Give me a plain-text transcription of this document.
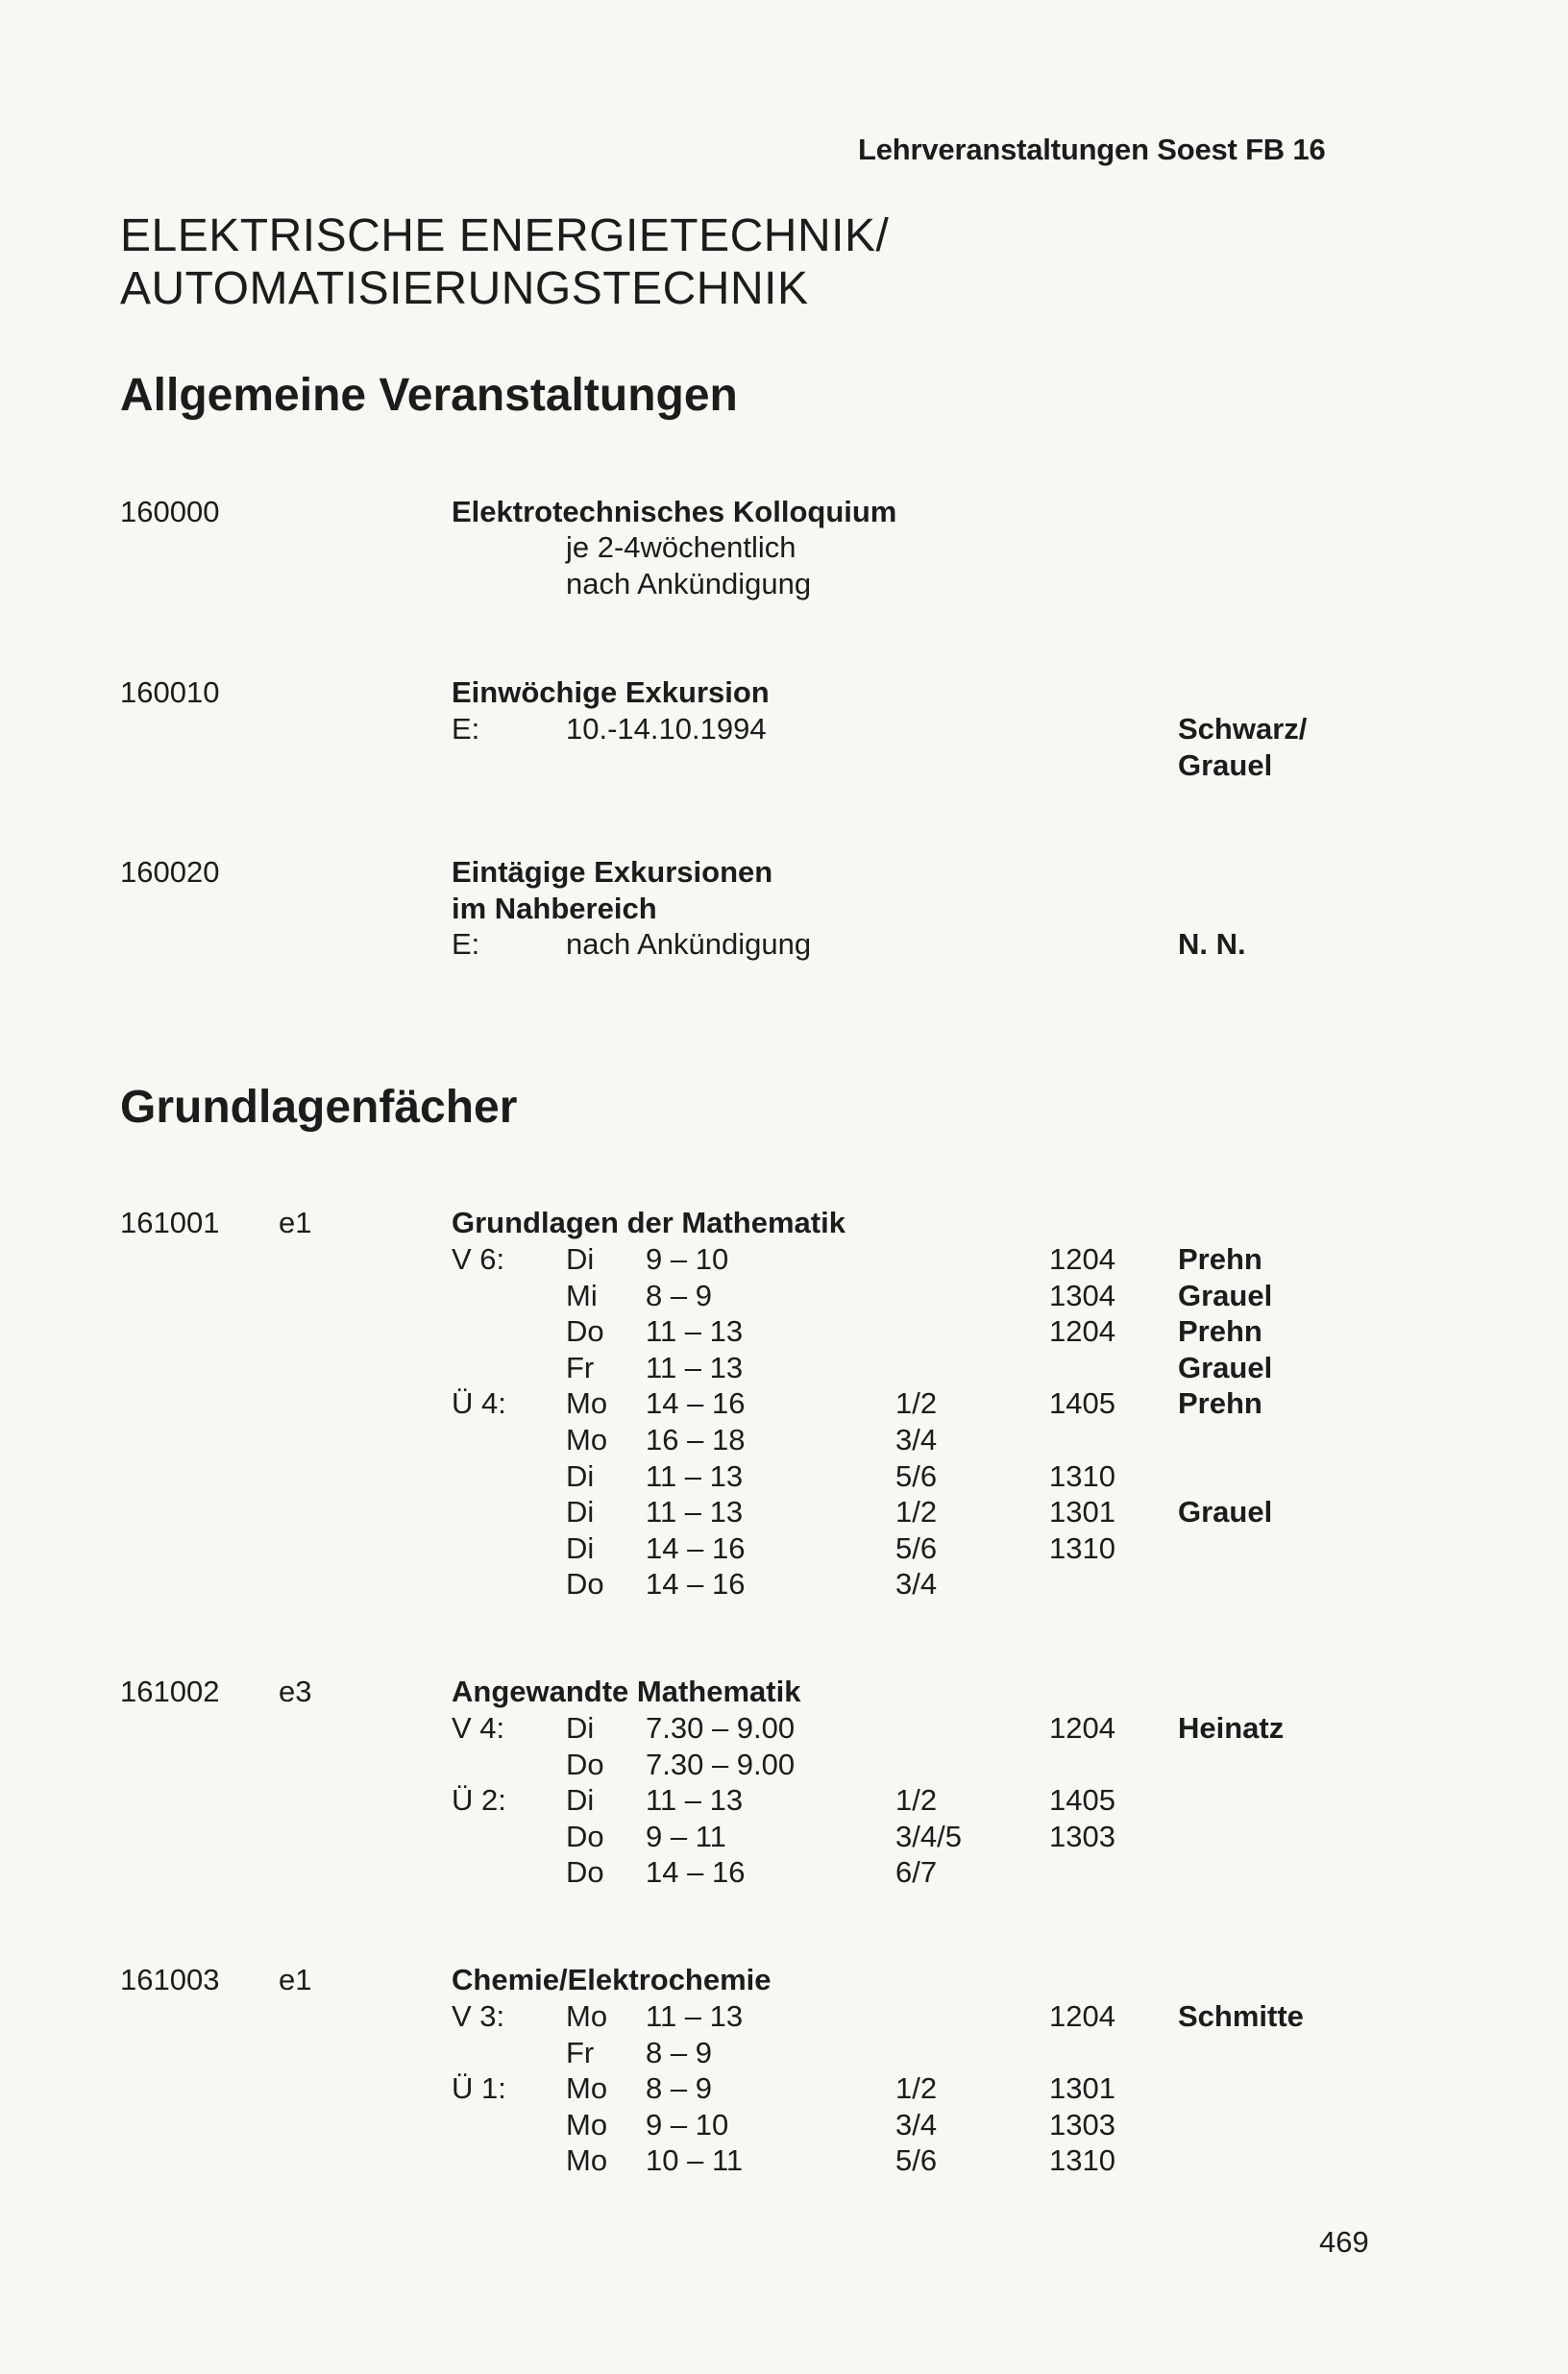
Lehrveranstaltungen Soest FB 16
ELEKTRISCHE ENERGIETECHNIK/
AUTOMATISIERUNGSTECHNIK
Allgemeine Veranstaltungen
160000	Elektrotechnisches Kolloquium
je 2-4wöchentlich
nach Ankündigung
160010	Einwöchige Exkursion
E:	10.-14.10.1994	Schwarz/
Grauel
160020	Eintägige Exkursionen
im Nahbereich
E:	nach Ankündigung	N. N.
Grundlagenfächer
161001 e1	Grundlagen der Mathematik
V 6: Di 9 – 10	1204 Prehn
Mi 8 – 9	1304 Grauel
Do 11 – 13	1204 Prehn
Fr 11 – 13	Grauel
Ü 4: Mo 14 – 16	1/2	1405 Prehn
Mo 16 – 18	3/4
Di 11 – 13	5/6	1310
Di 11 – 13	1/2	1301 Grauel
Di 14 – 16	5/6	1310
Do 14 – 16	3/4
161002 e3	Angewandte Mathematik
V 4: Di 7.30 – 9.00	1204 Heinatz
Do 7.30 – 9.00
Ü 2: Di 11 – 13	1/2	1405
Do 9 – 11	3/4/5	1303
Do 14 – 16	6/7
161003 e1	Chemie/Elektrochemie
V 3: Mo 11 – 13	1204 Schmitte
Fr 8 – 9
Ü 1: Mo 8 – 9	1/2	1301
Mo 9 – 10	3/4	1303
Mo 10 – 11	5/6	1310
469
